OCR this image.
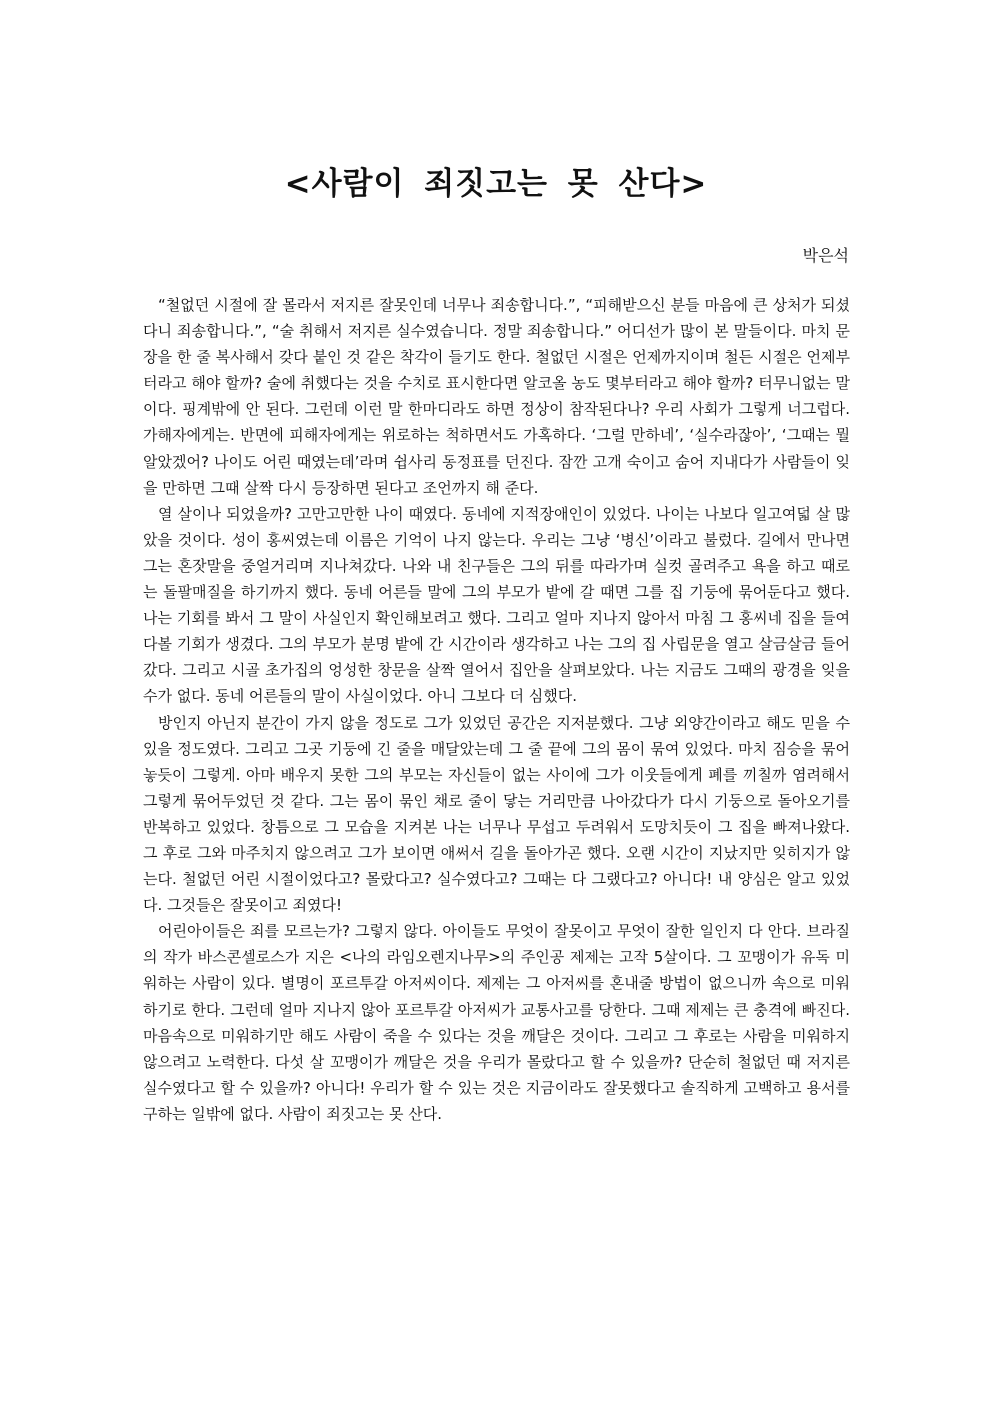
<사람이 죄짓고는 못 산다>

박은석

“철없던 시절에 잘 몰라서 저지른 잘못인데 너무나 죄송합니다.”, “피해받으신 분들 마음에 큰 상처가 되셨다니 죄송합니다.”, “술 취해서 저지른 실수였습니다. 정말 죄송합니다.” 어디선가 많이 본 말들이다. 마치 문장을 한 줄 복사해서 갖다 붙인 것 같은 착각이 들기도 한다. 철없던 시절은 언제까지이며 철든 시절은 언제부터라고 해야 할까? 술에 취했다는 것을 수치로 표시한다면 알코올 농도 몇부터라고 해야 할까? 터무니없는 말이다. 핑계밖에 안 된다. 그런데 이런 말 한마디라도 하면 정상이 참작된다나? 우리 사회가 그렇게 너그럽다. 가해자에게는. 반면에 피해자에게는 위로하는 척하면서도 가혹하다. ‘그럴 만하네’, ‘실수라잖아’, ‘그때는 뭘 알았겠어? 나이도 어린 때였는데’라며 쉽사리 동정표를 던진다. 잠깐 고개 숙이고 숨어 지내다가 사람들이 잊을 만하면 그때 살짝 다시 등장하면 된다고 조언까지 해 준다.

열 살이나 되었을까? 고만고만한 나이 때였다. 동네에 지적장애인이 있었다. 나이는 나보다 일고여덟 살 많았을 것이다. 성이 홍씨였는데 이름은 기억이 나지 않는다. 우리는 그냥 ‘병신’이라고 불렀다. 길에서 만나면 그는 혼잣말을 중얼거리며 지나쳐갔다. 나와 내 친구들은 그의 뒤를 따라가며 실컷 골려주고 욕을 하고 때로는 돌팔매질을 하기까지 했다. 동네 어른들 말에 그의 부모가 밭에 갈 때면 그를 집 기둥에 묶어둔다고 했다. 나는 기회를 봐서 그 말이 사실인지 확인해보려고 했다. 그리고 얼마 지나지 않아서 마침 그 홍씨네 집을 들여다볼 기회가 생겼다. 그의 부모가 분명 밭에 간 시간이라 생각하고 나는 그의 집 사립문을 열고 살금살금 들어갔다. 그리고 시골 초가집의 엉성한 창문을 살짝 열어서 집안을 살펴보았다. 나는 지금도 그때의 광경을 잊을 수가 없다. 동네 어른들의 말이 사실이었다. 아니 그보다 더 심했다.

방인지 아닌지 분간이 가지 않을 정도로 그가 있었던 공간은 지저분했다. 그냥 외양간이라고 해도 믿을 수 있을 정도였다. 그리고 그곳 기둥에 긴 줄을 매달았는데 그 줄 끝에 그의 몸이 묶여 있었다. 마치 짐승을 묶어 놓듯이 그렇게. 아마 배우지 못한 그의 부모는 자신들이 없는 사이에 그가 이웃들에게 폐를 끼칠까 염려해서 그렇게 묶어두었던 것 같다. 그는 몸이 묶인 채로 줄이 닿는 거리만큼 나아갔다가 다시 기둥으로 돌아오기를 반복하고 있었다. 창틈으로 그 모습을 지켜본 나는 너무나 무섭고 두려워서 도망치듯이 그 집을 빠져나왔다. 그 후로 그와 마주치지 않으려고 그가 보이면 애써서 길을 돌아가곤 했다. 오랜 시간이 지났지만 잊히지가 않는다. 철없던 어린 시절이었다고? 몰랐다고? 실수였다고? 그때는 다 그랬다고? 아니다! 내 양심은 알고 있었다. 그것들은 잘못이고 죄였다!

어린아이들은 죄를 모르는가? 그렇지 않다. 아이들도 무엇이 잘못이고 무엇이 잘한 일인지 다 안다. 브라질의 작가 바스콘셀로스가 지은 <나의 라임오렌지나무>의 주인공 제제는 고작 5살이다. 그 꼬맹이가 유독 미워하는 사람이 있다. 별명이 포르투갈 아저씨이다. 제제는 그 아저씨를 혼내줄 방법이 없으니까 속으로 미워하기로 한다. 그런데 얼마 지나지 않아 포르투갈 아저씨가 교통사고를 당한다. 그때 제제는 큰 충격에 빠진다. 마음속으로 미워하기만 해도 사람이 죽을 수 있다는 것을 깨달은 것이다. 그리고 그 후로는 사람을 미워하지 않으려고 노력한다. 다섯 살 꼬맹이가 깨달은 것을 우리가 몰랐다고 할 수 있을까? 단순히 철없던 때 저지른 실수였다고 할 수 있을까? 아니다! 우리가 할 수 있는 것은 지금이라도 잘못했다고 솔직하게 고백하고 용서를 구하는 일밖에 없다. 사람이 죄짓고는 못 산다.
